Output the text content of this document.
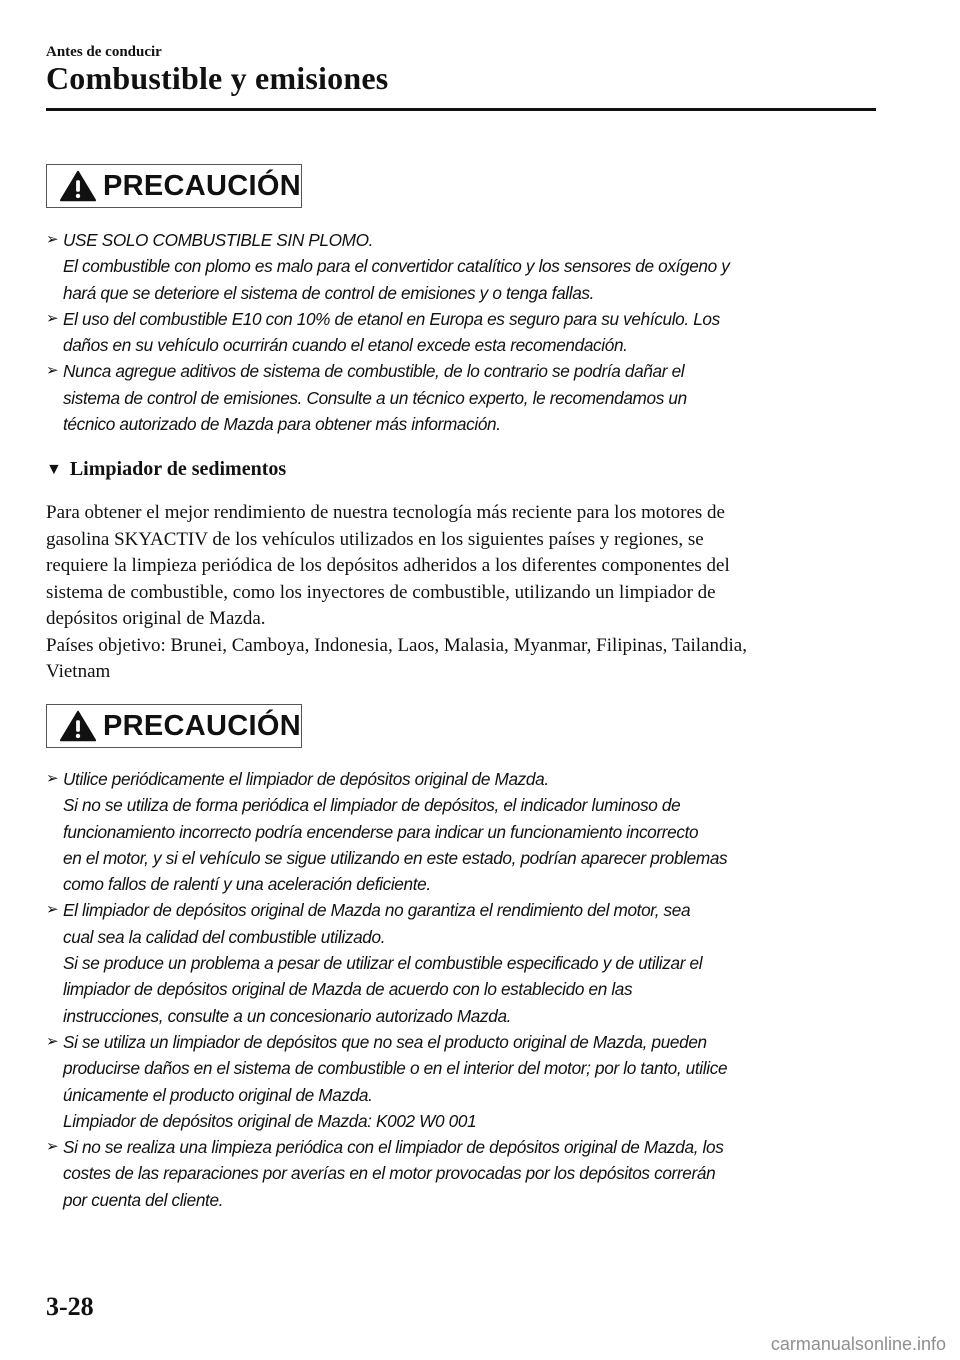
Antes de conducir
Combustible y emisiones
PRECAUCIÓN
➢ USE SOLO COMBUSTIBLE SIN PLOMO.
El combustible con plomo es malo para el convertidor catalítico y los sensores de oxígeno y
hará que se deteriore el sistema de control de emisiones y o tenga fallas.
➢ El uso del combustible E10 con 10% de etanol en Europa es seguro para su vehículo. Los
daños en su vehículo ocurrirán cuando el etanol excede esta recomendación.
➢ Nunca agregue aditivos de sistema de combustible, de lo contrario se podría dañar el
sistema de control de emisiones. Consulte a un técnico experto, le recomendamos un
técnico autorizado de Mazda para obtener más información.
▼ Limpiador de sedimentos
Para obtener el mejor rendimiento de nuestra tecnología más reciente para los motores de
gasolina SKYACTIV de los vehículos utilizados en los siguientes países y regiones, se
requiere la limpieza periódica de los depósitos adheridos a los diferentes componentes del
sistema de combustible, como los inyectores de combustible, utilizando un limpiador de
depósitos original de Mazda.
Países objetivo: Brunei, Camboya, Indonesia, Laos, Malasia, Myanmar, Filipinas, Tailandia,
Vietnam
PRECAUCIÓN
➢ Utilice periódicamente el limpiador de depósitos original de Mazda.
Si no se utiliza de forma periódica el limpiador de depósitos, el indicador luminoso de
funcionamiento incorrecto podría encenderse para indicar un funcionamiento incorrecto
en el motor, y si el vehículo se sigue utilizando en este estado, podrían aparecer problemas
como fallos de ralentí y una aceleración deficiente.
➢ El limpiador de depósitos original de Mazda no garantiza el rendimiento del motor, sea
cual sea la calidad del combustible utilizado.
Si se produce un problema a pesar de utilizar el combustible especificado y de utilizar el
limpiador de depósitos original de Mazda de acuerdo con lo establecido en las
instrucciones, consulte a un concesionario autorizado Mazda.
➢ Si se utiliza un limpiador de depósitos que no sea el producto original de Mazda, pueden
producirse daños en el sistema de combustible o en el interior del motor; por lo tanto, utilice
únicamente el producto original de Mazda.
Limpiador de depósitos original de Mazda: K002 W0 001
➢ Si no se realiza una limpieza periódica con el limpiador de depósitos original de Mazda, los
costes de las reparaciones por averías en el motor provocadas por los depósitos correrán
por cuenta del cliente.
3-28
carmanualsonline.info
